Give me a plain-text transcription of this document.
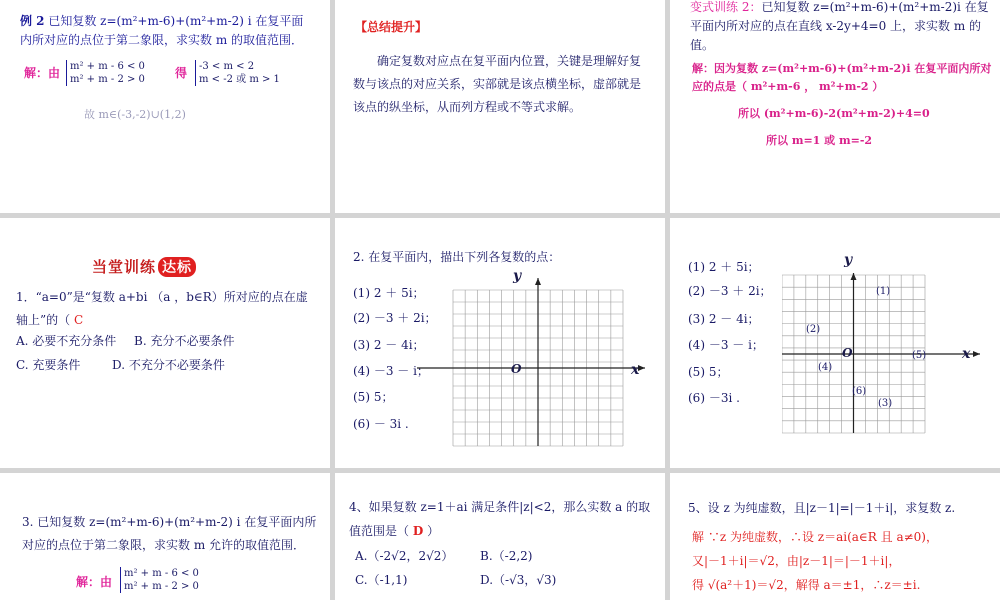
例 2 已知复数 z=(m²+m-6)+(m²+m-2) i 在复平面内所对应的点位于第二象限，求实数 m 的取值范围．
解：由 m² + m - 6 < 0
m² + m - 2 > 0	得 -3 < m < 2
m < -2 或 m > 1
故 m∈(-3,-2)∪(1,2)
【总结提升】
确定复数对应点在复平面内位置，关键是理解好复数与该点的对应关系，实部就是该点横坐标，虚部就是该点的纵坐标，从而列方程或不等式求解。
变式训练 2：已知复数 z=(m²+m-6)+(m²+m-2)i 在复平面内所对应的点在直线 x-2y+4=0 上，求实数 m 的值。
解：因为复数 z=(m²+m-6)+(m²+m-2)i 在复平面内所对应的点是（ m²+m-6 ， m²+m-2 ）
所以 (m²+m-6)-2(m²+m-2)+4=0
所以 m=1 或 m=-2
当堂训练 达标
1．“a=0”是“复数 a+bi （a ，b∈R）所对应的点在虚轴上”的（ C
A. 必要不充分条件 B. 充分不必要条件
C. 充要条件	D. 不充分不必要条件
2. 在复平面内，描出下列各复数的点：
(1) 2 ＋ 5i；
(2) －3 ＋ 2i；
(3) 2 － 4i；
(4) －3 － i；
(5) 5；
(6) － 3i .
y
x
O
(1) 2 ＋ 5i；
(2) －3 ＋ 2i；
(3) 2 － 4i；
(4) －3 － i；
(5) 5；
(6) －3i .
y
x
O
(1)
(2)
(3)
(4)
(5)
(6)
3. 已知复数 z=(m²+m-6)+(m²+m-2) i 在复平面内所对应的点位于第二象限，求实数 m 允许的取值范围．
解：由
m² + m - 6 < 0
m² + m - 2 > 0
4、如果复数 z=1＋ai 满足条件|z|<2，那么实数 a 的取值范围是（ D ）
A.（-2√2，2√2） B.（-2,2)
C.（-1,1)	D.（-√3，√3)
5、设 z 为纯虚数，且|z－1|=|－1＋i|，求复数 z.
解 ∵z 为纯虚数，∴设 z＝ai(a∈R 且 a≠0)，
又|－1＋i|＝√2，由|z－1|＝|－1＋i|，
得 √(a²＋1)＝√2，解得 a＝±1，∴z＝±i.
